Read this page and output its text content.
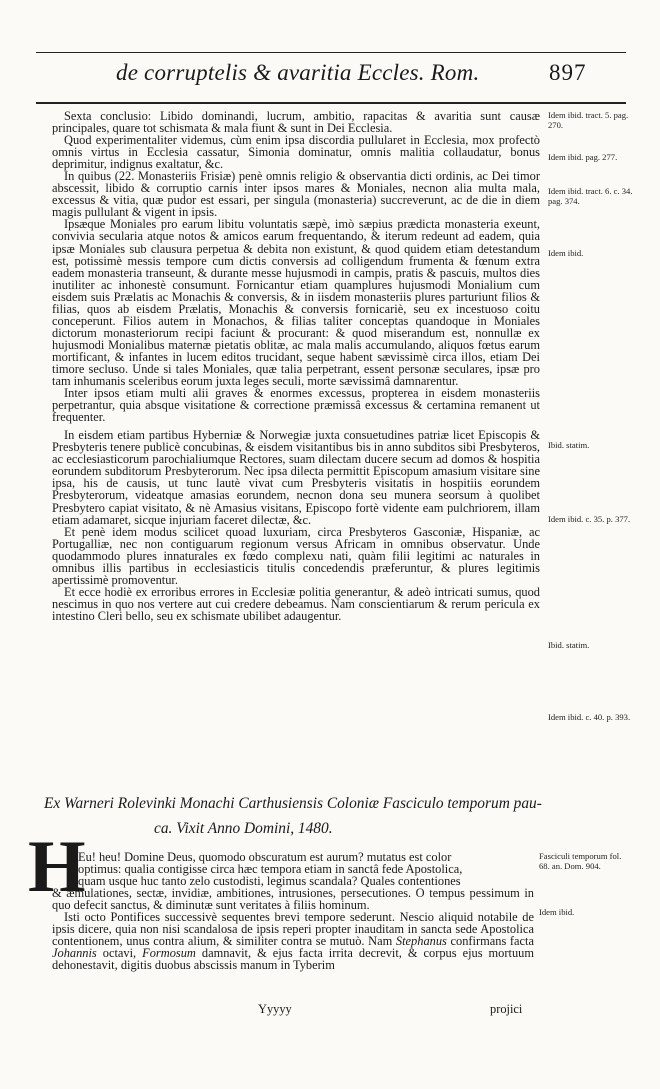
de corruptelis & avaritia Eccles. Rom.	897

Sexta conclusio: Libido dominandi, lucrum, ambitio, rapacitas & avaritia sunt causæ principales, quare tot schismata & mala fiunt & sunt in Dei Ecclesia.

Quod experimentaliter videmus, cùm enim ipsa discordia pullularet in Ecclesia, mox profectò omnis virtus in Ecclesia cassatur, Simonia dominatur, omnis malitia collaudatur, bonus deprimitur, indignus exaltatur, &c.

In quibus (22. Monasteriis Frisiæ) penè omnis religio & observantia dicti ordinis, ac Dei timor abscessit, libido & corruptio carnis inter ipsos mares & Moniales, necnon alia multa mala, excessus & vitia, quæ pudor est essari, per singula (monasteria) succreverunt, ac de die in diem magis pullulant & vigent in ipsis.

Ipsæque Moniales pro earum libitu voluntatis sæpè, imò sæpius prædicta monasteria exeunt, convivia secularia atque notos & amicos earum frequentando, & iterum redeunt ad eadem, quia ipsæ Moniales sub clausura perpetua & debita non existunt, & quod quidem etiam detestandum est, potissimè messis tempore cum dictis conversis ad colligendum frumenta & fœnum extra eadem monasteria transeunt, & durante messe hujusmodi in campis, pratis & pascuis, multos dies inutiliter ac inhonestè consumunt. Fornicantur etiam quamplures hujusmodi Monialium cum eisdem suis Prælatis ac Monachis & conversis, & in iisdem monasteriis plures parturiunt filios & filias, quos ab eisdem Prælatis, Monachis & conversis fornicariè, seu ex incestuoso coitu conceperunt. Filios autem in Monachos, & filias taliter conceptas quandoque in Moniales dictorum monasteriorum recipi faciunt & procurant: & quod miserandum est, nonnullæ ex hujusmodi Monialibus maternæ pietatis oblitæ, ac mala malis accumulando, aliquos fœtus earum mortificant, & infantes in lucem editos trucidant, seque habent sævissimè circa illos, etiam Dei timore secluso. Unde si tales Moniales, quæ talia perpetrant, essent personæ seculares, ipsæ pro tam inhumanis sceleribus eorum juxta leges seculi, morte sævissimâ damnarentur.

Inter ipsos etiam multi alii graves & enormes excessus, propterea in eisdem monasteriis perpetrantur, quia absque visitatione & correctione præmissâ excessus & certamina remanent ut frequenter.

In eisdem etiam partibus Hyberniæ & Norwegiæ juxta consuetudines patriæ licet Episcopis & Presbyteris tenere publicè concubinas, & eisdem visitantibus bis in anno subditos sibi Presbyteros, ac ecclesiasticorum parochialiumque Rectores, suam dilectam ducere secum ad domos & hospitia eorundem subditorum Presbyterorum. Nec ipsa dilecta permittit Episcopum amasium visitare sine ipsa, his de causis, ut tunc lautè vivat cum Presbyteris visitatis in hospitiis eorundem Presbyterorum, videatque amasias eorundem, necnon dona seu munera seorsum à quolibet Presbytero capiat visitato, & nè Amasius visitans, Episcopo fortè vidente eam pulchriorem, illam etiam adamaret, sicque injuriam faceret dilectæ, &c.

Et penè idem modus scilicet quoad luxuriam, circa Presbyteros Gasconiæ, Hispaniæ, ac Portugalliæ, nec non contiguarum regionum versus Africam in omnibus observatur. Unde quodammodo plures innaturales ex fœdo complexu nati, quàm filii legitimi ac naturales in omnibus illis partibus in ecclesiasticis titulis concedendis præferuntur, & plures legitimis apertissimè promoventur.

Et ecce hodiè ex erroribus errores in Ecclesiæ politia generantur, & adeò intricati sumus, quod nescimus in quo nos vertere aut cui credere debeamus. Nam conscientiarum & rerum pericula ex intestino Cleri bello, seu ex schismate ubilibet adaugentur.

Idem ibid. tract. 5. pag. 270.
Idem ibid. pag. 277.
Idem ibid. tract. 6. c. 34. pag. 374.
Idem ibid.
Ibid. statim.
Idem ibid. c. 35. p. 377.
Ibid. statim.
Idem ibid. c. 40. p. 393.
Ex Warneri Rolevinki Monachi Carthusiensis Coloniæ Fasciculo temporum pau-
ca. Vixit Anno Domini, 1480.
H

Eu! heu! Domine Deus, quomodo obscuratum est aurum? mutatus est color
optimus: qualia contigisse circa hæc tempora etiam in sanctâ fede Apostolica,
quam usque huc tanto zelo custodisti, legimus scandala? Quales contentiones
& æmulationes, sectæ, invidiæ, ambitiones, intrusiones, persecutiones. O tempus pessimum in quo defecit sanctus, & diminutæ sunt veritates à filiis hominum.

Isti octo Pontifices successivè sequentes brevi tempore sederunt. Nescio aliquid notabile de ipsis dicere, quia non nisi scandalosa de ipsis reperi propter inauditam in sancta sede Apostolica contentionem, unus contra alium, & similiter contra se mutuò. Nam Stephanus confirmans facta Johannis octavi, Formosum damnavit, & ejus facta irrita decrevit, & corpus ejus mortuum dehonestavit, digitis duobus abscissis manum in Tyberim

Fasciculi temporum fol. 68. an. Dom. 904.
Idem ibid.
Yyyyy	projici
